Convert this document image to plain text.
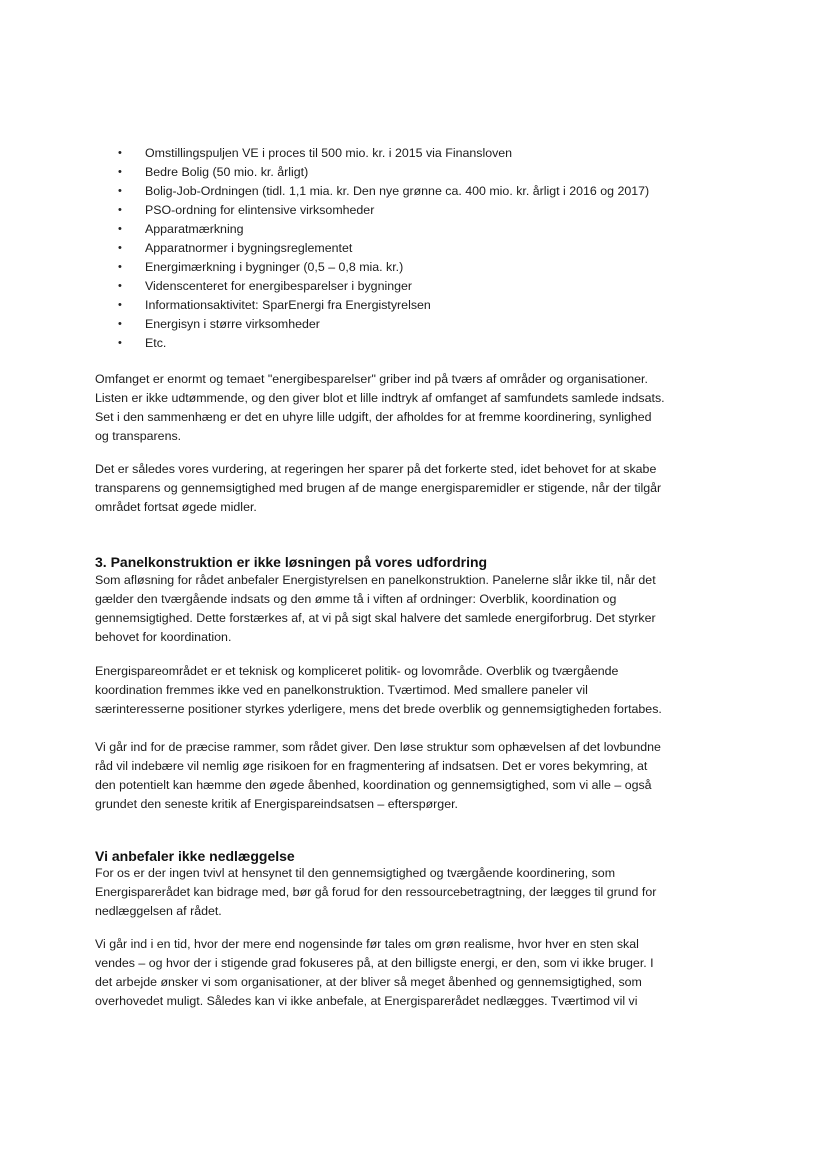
• Omstillingspuljen VE i proces til 500 mio. kr. i 2015 via Finansloven
• Bedre Bolig (50 mio. kr. årligt)
• Bolig-Job-Ordningen (tidl. 1,1 mia. kr. Den nye grønne ca. 400 mio. kr. årligt i 2016 og 2017)
• PSO-ordning for elintensive virksomheder
• Apparatmærkning
• Apparatnormer i bygningsreglementet
• Energimærkning i bygninger (0,5 – 0,8 mia. kr.)
• Videnscenteret for energibesparelser i bygninger
• Informationsaktivitet: SparEnergi fra Energistyrelsen
• Energisyn i større virksomheder
• Etc.

Omfanget er enormt og temaet "energibesparelser" griber ind på tværs af områder og organisationer.
Listen er ikke udtømmende, og den giver blot et lille indtryk af omfanget af samfundets samlede indsats.
Set i den sammenhæng er det en uhyre lille udgift, der afholdes for at fremme koordinering, synlighed
og transparens.

Det er således vores vurdering, at regeringen her sparer på det forkerte sted, idet behovet for at skabe
transparens og gennemsigtighed med brugen af de mange energisparemidler er stigende, når der tilgår
området fortsat øgede midler.

3. Panelkonstruktion er ikke løsningen på vores udfordring

Som afløsning for rådet anbefaler Energistyrelsen en panelkonstruktion. Panelerne slår ikke til, når det
gælder den tværgående indsats og den ømme tå i viften af ordninger: Overblik, koordination og
gennemsigtighed. Dette forstærkes af, at vi på sigt skal halvere det samlede energiforbrug. Det styrker
behovet for koordination.

Energispareområdet er et teknisk og kompliceret politik- og lovområde. Overblik og tværgående
koordination fremmes ikke ved en panelkonstruktion. Tværtimod. Med smallere paneler vil
særinteresserne positioner styrkes yderligere, mens det brede overblik og gennemsigtigheden fortabes.

Vi går ind for de præcise rammer, som rådet giver. Den løse struktur som ophævelsen af det lovbundne
råd vil indebære vil nemlig øge risikoen for en fragmentering af indsatsen. Det er vores bekymring, at
den potentielt kan hæmme den øgede åbenhed, koordination og gennemsigtighed, som vi alle – også
grundet den seneste kritik af Energispareindsatsen – efterspørger.

Vi anbefaler ikke nedlæggelse

For os er der ingen tvivl at hensynet til den gennemsigtighed og tværgående koordinering, som
Energisparerådet kan bidrage med, bør gå forud for den ressourcebetragtning, der lægges til grund for
nedlæggelsen af rådet.

Vi går ind i en tid, hvor der mere end nogensinde før tales om grøn realisme, hvor hver en sten skal
vendes – og hvor der i stigende grad fokuseres på, at den billigste energi, er den, som vi ikke bruger. I
det arbejde ønsker vi som organisationer, at der bliver så meget åbenhed og gennemsigtighed, som
overhovedet muligt. Således kan vi ikke anbefale, at Energisparerådet nedlægges. Tværtimod vil vi
